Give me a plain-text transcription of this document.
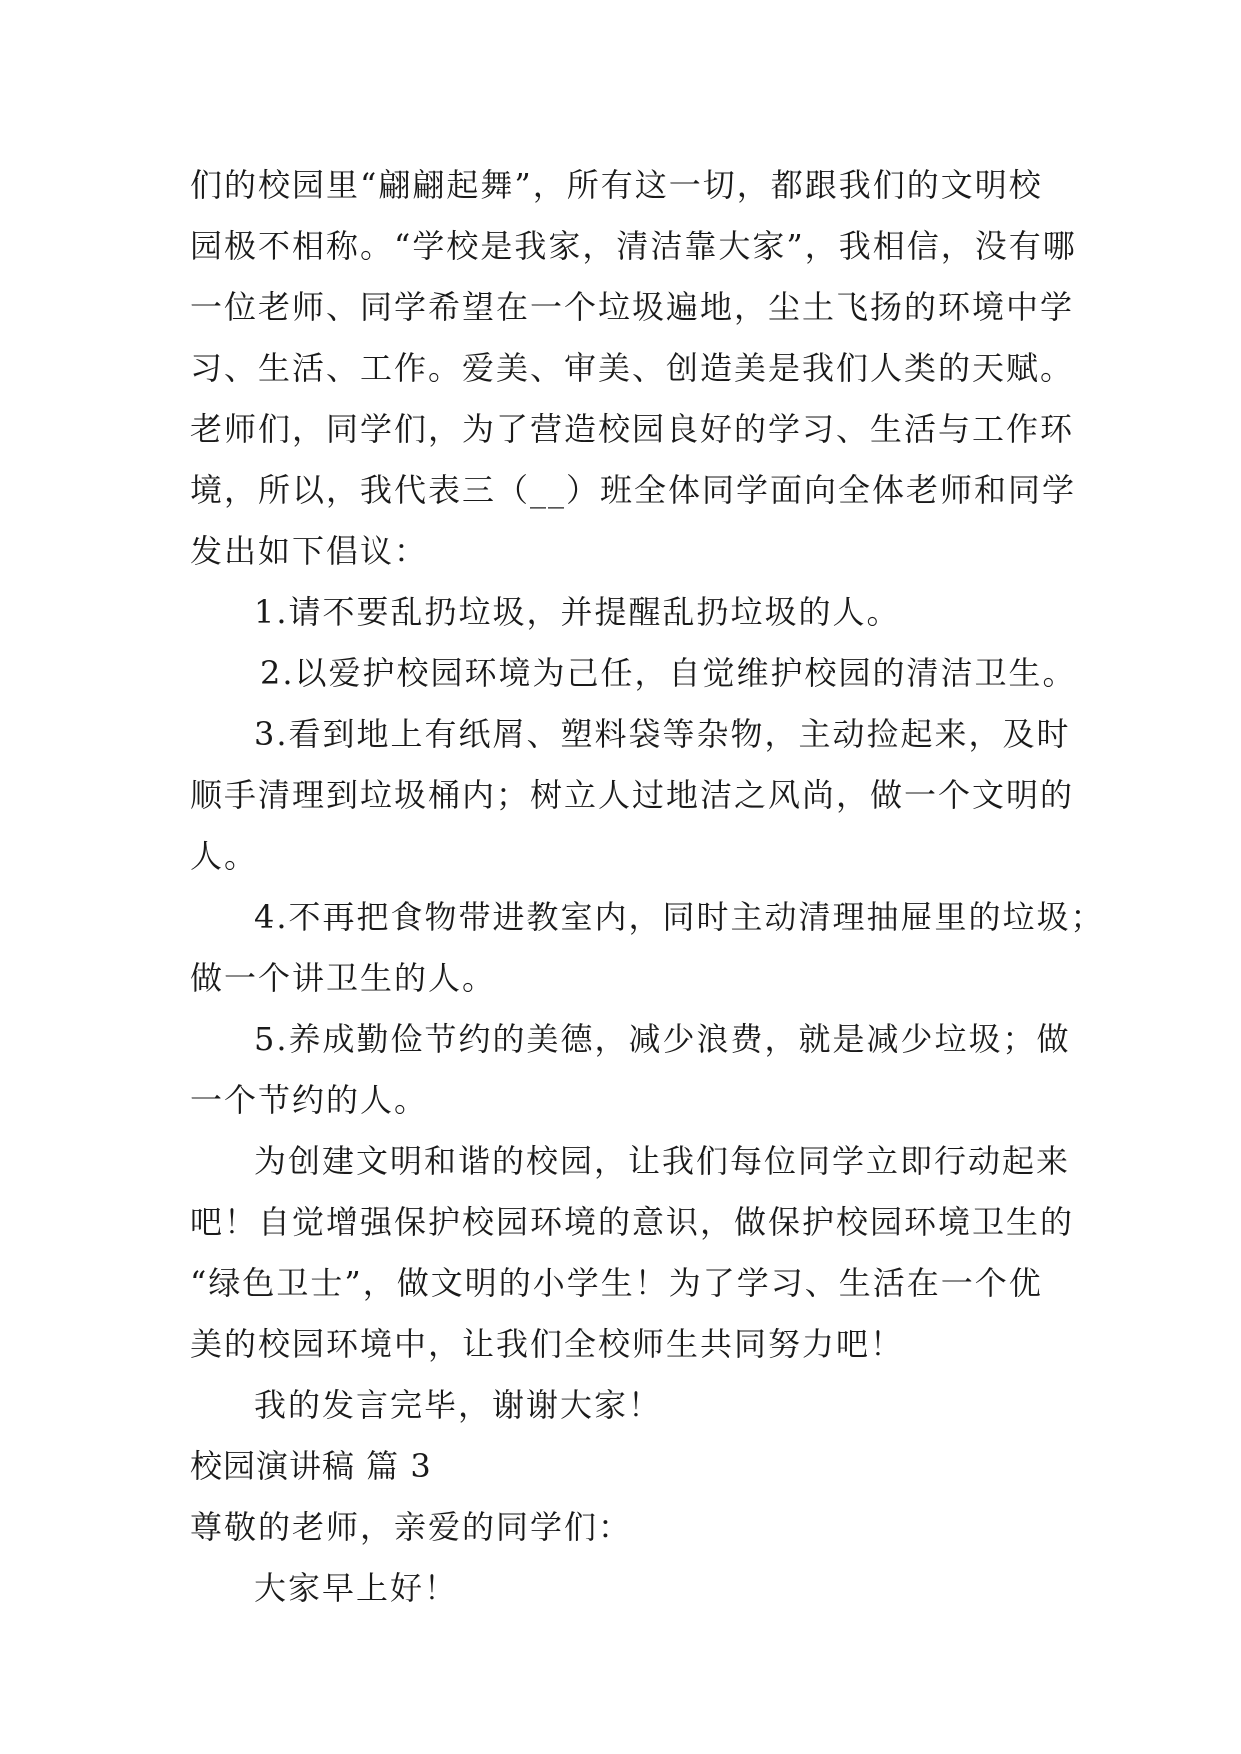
们的校园里“翩翩起舞”，所有这一切，都跟我们的文明校
园极不相称。“学校是我家，清洁靠大家”，我相信，没有哪
一位老师、同学希望在一个垃圾遍地，尘土飞扬的环境中学
习、生活、工作。爱美、审美、创造美是我们人类的天赋。
老师们，同学们，为了营造校园良好的学习、生活与工作环
境，所以，我代表三（__）班全体同学面向全体老师和同学
发出如下倡议：
1.请不要乱扔垃圾，并提醒乱扔垃圾的人。
2.以爱护校园环境为己任，自觉维护校园的清洁卫生。
3.看到地上有纸屑、塑料袋等杂物，主动捡起来，及时
顺手清理到垃圾桶内；树立人过地洁之风尚，做一个文明的
人。
4.不再把食物带进教室内，同时主动清理抽屉里的垃圾；
做一个讲卫生的人。
5.养成勤俭节约的美德，减少浪费，就是减少垃圾；做
一个节约的人。
为创建文明和谐的校园，让我们每位同学立即行动起来
吧！自觉增强保护校园环境的意识，做保护校园环境卫生的
“绿色卫士”，做文明的小学生！为了学习、生活在一个优
美的校园环境中，让我们全校师生共同努力吧！
我的发言完毕，谢谢大家！
校园演讲稿 篇 3
尊敬的老师，亲爱的同学们：
大家早上好！
